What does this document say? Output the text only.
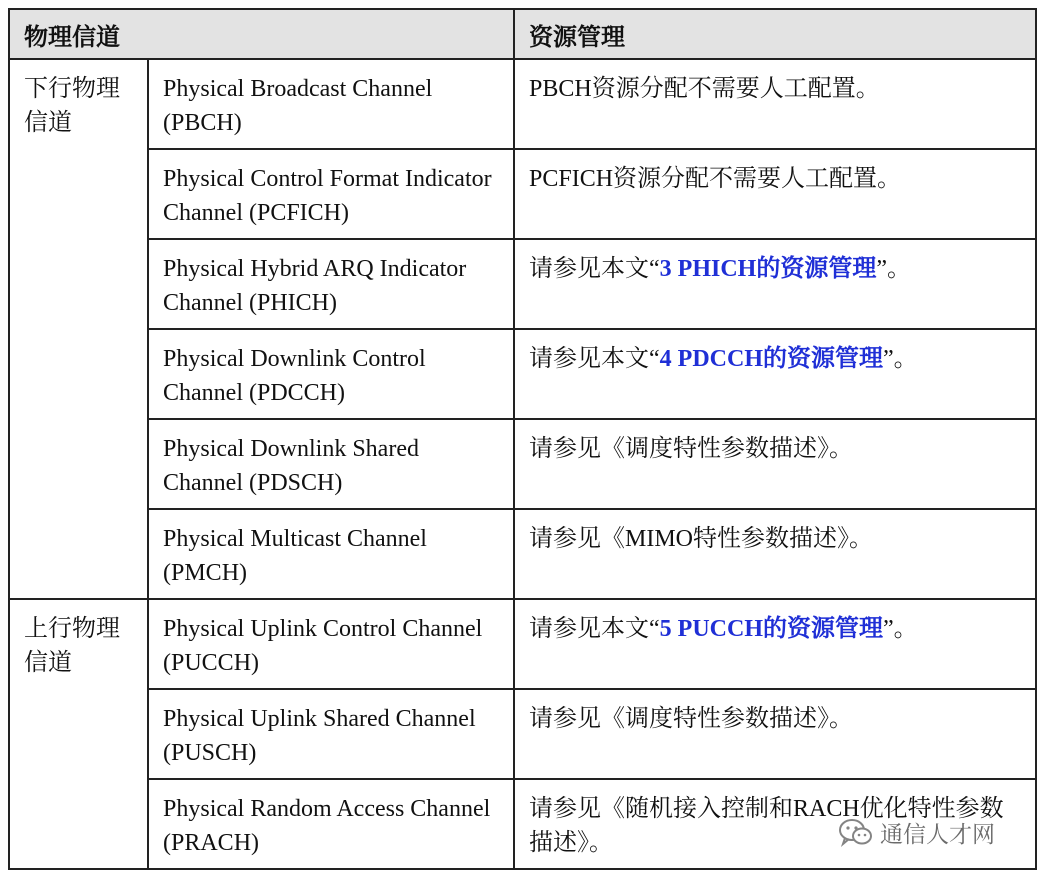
物理信道		资源管理
下行物理信道	Physical Broadcast Channel (PBCH)	PBCH资源分配不需要人工配置。
	Physical Control Format Indicator Channel (PCFICH)	PCFICH资源分配不需要人工配置。
	Physical Hybrid ARQ Indicator Channel (PHICH)	请参见本文“3 PHICH的资源管理”。
	Physical Downlink Control Channel (PDCCH)	请参见本文“4 PDCCH的资源管理”。
	Physical Downlink Shared Channel (PDSCH)	请参见《调度特性参数描述》。
	Physical Multicast Channel (PMCH)	请参见《MIMO特性参数描述》。
上行物理信道	Physical Uplink Control Channel (PUCCH)	请参见本文“5 PUCCH的资源管理”。
	Physical Uplink Shared Channel (PUSCH)	请参见《调度特性参数描述》。
	Physical Random Access Channel (PRACH)	请参见《随机接入控制和RACH优化特性参数描述》。	通信人才网
